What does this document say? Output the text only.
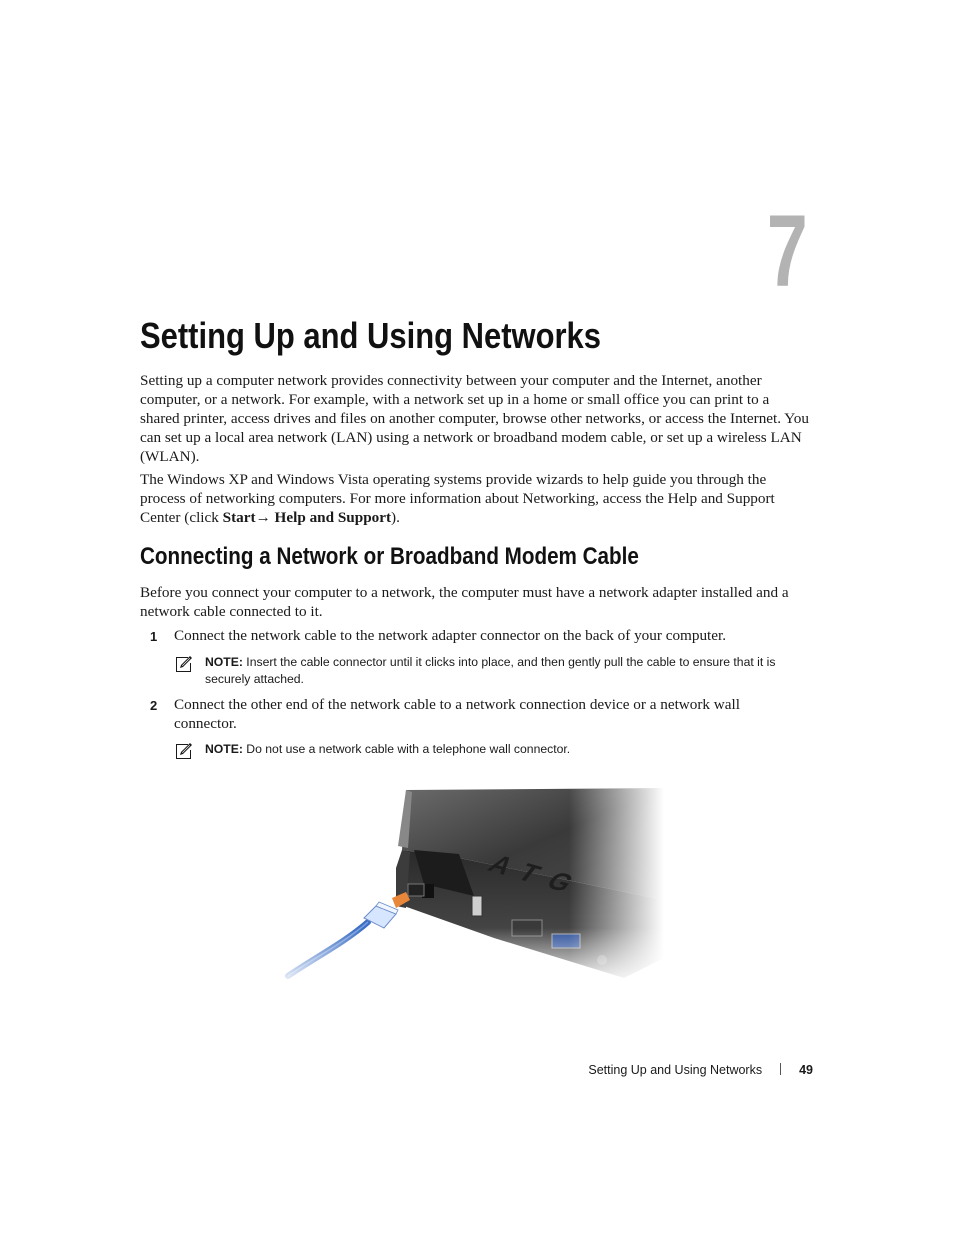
7
Setting Up and Using Networks

Setting up a computer network provides connectivity between your computer and the Internet, another computer, or a network. For example, with a network set up in a home or small office you can print to a shared printer, access drives and files on another computer, browse other networks, or access the Internet. You can set up a local area network (LAN) using a network or broadband modem cable, or set up a wireless LAN (WLAN).

The Windows XP and Windows Vista operating systems provide wizards to help guide you through the process of networking computers. For more information about Networking, access the Help and Support Center (click Start→ Help and Support).

Connecting a Network or Broadband Modem Cable

Before you connect your computer to a network, the computer must have a network adapter installed and a network cable connected to it.

1 Connect the network cable to the network adapter connector on the back of your computer.
NOTE: Insert the cable connector until it clicks into place, and then gently pull the cable to ensure that it is securely attached.
2 Connect the other end of the network cable to a network connection device or a network wall connector.
NOTE: Do not use a network cable with a telephone wall connector.
Setting Up and Using Networks	49
